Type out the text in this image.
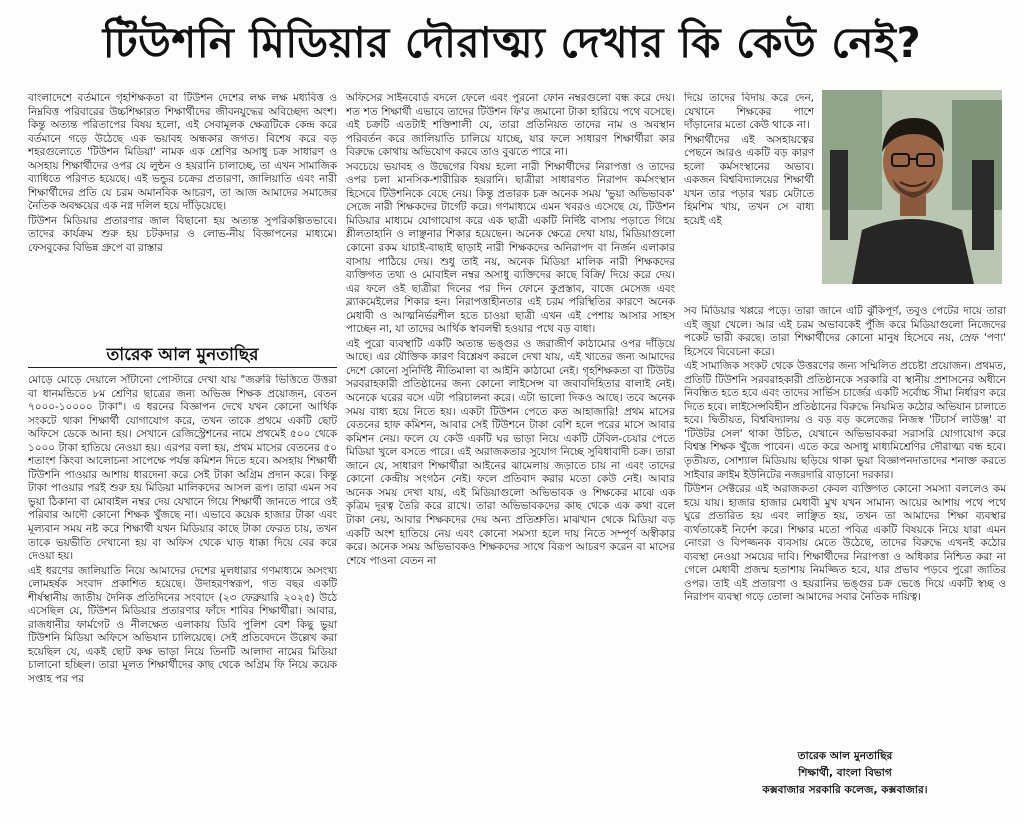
টিউশনি মিডিয়ার দৌরাত্ম্য দেখার কি কেউ নেই?

বাংলাদেশে বর্তমানে গৃহশিক্ষকতা বা টিউশন দেশের লক্ষ লক্ষ মধ্যবিত্ত ও নিম্নবিত্ত পরিবারের উচ্চশিক্ষারত শিক্ষার্থীদের জীবনযুদ্ধের অবিচ্ছেদ্য অংশ। কিন্তু অত্যন্ত পরিতাপের বিষয় হলো, এই সেবামূলক ক্ষেত্রটিকে কেন্দ্র করে বর্তমানে গড়ে উঠেছে এক ভয়াবহ অন্ধকার জগত। বিশেষ করে বড় শহরগুলোতে 'টিউশন মিডিয়া' নামক এক শ্রেণির অসাধু চক্র সাধারণ ও অসহায় শিক্ষার্থীদের ওপর যে লুন্ঠন ও হয়রানি চালাচ্ছে, তা এখন সামাজিক ব্যাধিতে পরিণত হয়েছে। এই ভন্ডুর চক্রের প্রতারণা, জালিয়াতি এবং নারী শিক্ষার্থীদের প্রতি যে চরম অমানবিক আচরণ, তা আজ আমাদের সমাজের নৈতিক অবক্ষয়ের এক নগ্ন দলিল হয়ে দাঁড়িয়েছে।

টিউশন মিডিয়ার প্রতারণার জাল বিছানো হয় অত্যন্ত সুপরিকল্পিতভাবে। তাদের কার্যক্রম শুরু হয় চটকদার ও লোভ-নীয় বিজ্ঞাপনের মাধ্যমে। ফেসবুকের বিভিন্ন গ্রুপে বা রাস্তার

তারেক আল মুনতাছির

মোড়ে মোড়ে দেয়ালে সাঁটানো পোস্টারে দেখা যায় "জরুরি ভিত্তিতে উত্তরা বা ধানমন্ডিতে ৮ম শ্রেণির ছাত্রের জন্য অভিজ্ঞ শিক্ষক প্রয়োজন, বেতন ৭০০০-১০০০০ টাকা"। এ ধরনের বিজ্ঞাপন দেখে যখন কোনো আর্থিক সংকটে থাকা শিক্ষার্থী যোগাযোগ করে, তখন তাকে প্রথমে একটি ছোট অফিসে ডেকে আনা হয়। সেখানে রেজিস্ট্রেশনের নামে প্রথমেই ৫০০ থেকে ১০০০ টাকা হাতিয়ে নেওয়া হয়। এরপর বলা হয়, প্রথম মাসের বেতনের ৫০ শতাংশ কিংবা আলোচনা সাপেক্ষে পর্যন্ত কমিশন দিতে হবে। অসহায় শিক্ষার্থী টিউশনি পাওয়ার আশায় ধারদেনা করে সেই টাকা অগ্রিম প্রদান করে। কিন্তু টাকা পাওয়ার পরই শুরু হয় মিডিয়া মালিকদের আসল রূপ। তারা এমন সব ভুয়া ঠিকানা বা মোবাইল নম্বর দেয় যেখানে গিয়ে শিক্ষার্থী জানতে পারে ওই পরিবার আদৌ কোনো শিক্ষক খুঁজছে না। এভাবে কয়েক হাজার টাকা এবং মূল্যবান সময় নষ্ট করে শিক্ষার্থী যখন মিডিয়ার কাছে টাকা ফেরত চায়, তখন তাকে ভয়ভীতি দেখানো হয় বা অফিস থেকে ঘাড় ধাক্কা দিয়ে বের করে দেওয়া হয়।

এই ধরণের জালিয়াতি নিয়ে আমাদের দেশের মূলধারার গণমাধ্যমে অসংখ্য লোমহর্ষক সংবাদ প্রকাশিত হয়েছে। উদাহরণস্বরূপ, গত বছর একটি শীর্ষস্থানীয় জাতীয় দৈনিক প্রতিদিনের সংবাদে (২৩ ফেব্রুয়ারি ২০২৫) উঠে এসেছিল যে, টিউশন মিডিয়ার প্রতারণার ফাঁদে শাবির শিক্ষার্থীরা। আবার, রাজধানীর ফার্মগেট ও নীলক্ষেত এলাকায় ডিবি পুলিশ বেশ কিছু ভুয়া টিউশনি মিডিয়া অফিসে অভিযান চালিয়েছে। সেই প্রতিবেদনে উল্লেখ করা হয়েছিল যে, একই ছোট কক্ষ ভাড়া নিয়ে তিনটি আলাদা নামের মিডিয়া চালানো হচ্ছিল। তারা মূলত শিক্ষার্থীদের কাছ থেকে অগ্রিম ফি নিয়ে কয়েক সপ্তাহ পর পর

অফিসের সাইনবোর্ড বদলে ফেলে এবং পুরনো ফোন নম্বরগুলো বন্ধ করে দেয়। শত শত শিক্ষার্থী এভাবে তাদের টিউশন ফি'র জমানো টাকা হারিয়ে পথে বসেছে। এই চক্রটি এতটাই শক্তিশালী যে, তারা প্রতিনিয়ত তাদের নাম ও অবস্থান পরিবর্তন করে জালিয়াতি চালিয়ে যাচ্ছে, যার ফলে সাধারণ শিক্ষার্থীরা কার বিরুদ্ধে কোথায় অভিযোগ করবে তাও বুঝতে পারে না।

সবচেয়ে ভয়াবহ ও উদ্বেগের বিষয় হলো নারী শিক্ষার্থীদের নিরাপত্তা ও তাদের ওপর চলা মানসিক-শারীরিক হয়রানি। ছাত্রীরা সাধারণত নিরাপদ কর্মসংস্থান হিসেবে টিউশনিকে বেছে নেয়। কিন্তু প্রতারক চক্র অনেক সময় 'ভুয়া অভিভাবক' সেজে নারী শিক্ষকদের টার্গেট করে। গণমাধ্যমে এমন খবরও এসেছে যে, টিউশন মিডিয়ার মাধ্যমে যোগাযোগ করে এক ছাত্রী একটি নির্দিষ্ট বাসায় পড়াতে গিয়ে শ্লীলতাহানি ও লাঞ্ছনার শিকার হয়েছেন। অনেক ক্ষেত্রে দেখা যায়, মিডিয়াগুলো কোনো রকম যাচাই-বাছাই ছাড়াই নারী শিক্ষকদের অনিরাপদ বা নির্জন এলাকার বাসায় পাঠিয়ে দেয়। শুধু তাই নয়, অনেক মিডিয়া মালিক নারী শিক্ষকদের ব্যক্তিগত তথ্য ও মোবাইল নম্বর অসাধু ব্যক্তিদের কাছে বিক্রি/ দিয়ে করে দেয়। এর ফলে ওই ছাত্রীরা দিনের পর দিন ফোনে কুপ্রস্তাব, বাজে মেসেজ এবং ব্ল্যাকমেইলের শিকার হন। নিরাপত্তাহীনতার এই চরম পরিস্থিতির কারণে অনেক মেধাবী ও আত্মনির্ভরশীল হতে চাওয়া ছাত্রী এখন এই পেশায় আসার সাহস পাচ্ছেন না, যা তাদের আর্থিক স্বাবলম্বী হওয়ার পথে বড় বাধা।

এই পুরো ব্যবস্থাটি একটি অত্যন্ত ভঙ্গুর ও জরাজীর্ণ কাঠামোর ওপর দাঁড়িয়ে আছে। এর যৌক্তিক কারণ বিশ্লেষণ করলে দেখা যায়, এই খাতের জন্য আমাদের দেশে কোনো সুনির্দিষ্ট নীতিমালা বা আইনি কাঠামো নেই। গৃহশিক্ষকতা বা টিউটর সরবরাহকারী প্রতিষ্ঠানের জন্য কোনো লাইসেন্স বা জবাবদিহিতার বালাই নেই। অনেকে ঘরের বসে এটা পরিচালনা করে। এটা ভালো দিকও আছে। তবে অনেক সময় বাধ্য হয়ে নিতে হয়। একটা টিউশন পেতে কত আহাজারি! প্রথম মাসের বেতনের হাফ কমিশন, আবার সেই টিউশনে টাকা বেশি হলে পরের মাসে আবার কমিশন নেয়। ফলে যে কেউ একটি ঘর ভাড়া নিয়ে একটি টেবিল-চেয়ার পেতে মিডিয়া খুলে বসতে পারে। এই অরাজকতার সুযোগ নিচ্ছে সুবিধাবাদী চক্র। তারা জানে যে, সাধারণ শিক্ষার্থীরা আইনের ঝামেলায় জড়াতে চায় না এবং তাদের কোনো কেন্দ্রীয় সংগঠন নেই। ফলে প্রতিবাদ করার মতো কেউ নেই। আবার অনেক সময় দেখা যায়, এই মিডিয়াগুলো অভিভাবক ও শিক্ষকের মাঝে এক কৃত্রিম দূরত্ব তৈরি করে রাখে। তারা অভিভাবকদের কাছ থেকে এক কথা বলে টাকা নেয়, আবার শিক্ষকদের দেয় অন্য প্রতিশ্রুতি। মাঝখান থেকে মিডিয়া বড় একটি অংশ হাতিয়ে নেয় এবং কোনো সমস্যা হলে দায় নিতে সম্পূর্ণ অস্বীকার করে। অনেক সময় অভিভাবকও শিক্ষকদের সাথে বিরূপ আচরণ করেন বা মাসের শেষে পাওনা বেতন না

দিয়ে তাদের বিদায় করে দেন, যেখানে শিক্ষকের পাশে দাঁড়ানোর মতো কেউ থাকে না।

শিক্ষার্থীদের এই অসহায়ত্বের পেছনে আরও একটি বড় কারণ হলো কর্মসংস্থানের অভাব। একজন বিশ্ববিদ্যালয়ের শিক্ষার্থী যখন তার পড়ার খরচ মেটাতে হিমশিম খায়, তখন সে বাধ্য হয়েই এই

সব মিডিয়ার খপ্পরে পড়ে। তারা জানে এটি ঝুঁকিপূর্ণ, তবুও পেটের দায়ে তারা এই জুয়া খেলে। আর এই চরম অভাবকেই পুঁজি করে মিডিয়াগুলো নিজেদের পকেট ভারী করছে। তারা শিক্ষার্থীদের কোনো মানুষ হিসেবে নয়, স্রেফ 'পণ্য' হিসেবে বিবেচনা করে।

এই সামাজিক সংকট থেকে উত্তরণের জন্য সম্মিলিত প্রচেষ্টা প্রয়োজন। প্রথমত, প্রতিটি টিউশনি সরবরাহকারী প্রতিষ্ঠানকে সরকারি বা স্থানীয় প্রশাসনের অধীনে নিবন্ধিত হতে হবে এবং তাদের সার্ভিস চার্জের একটি সর্বোচ্চ সীমা নির্ধারণ করে দিতে হবে। লাইসেন্সবিহীন প্রতিষ্ঠানের বিরুদ্ধে নিয়মিত কঠোর অভিযান চালাতে হবে। দ্বিতীয়ত, বিশ্ববিদ্যালয় ও বড় বড় কলেজের নিজস্ব 'টিচার্স লাউঞ্জ' বা 'টিউটর সেল' থাকা উচিত, যেখানে অভিভাবকরা সরাসরি যোগাযোগ করে বিশ্বস্ত শিক্ষক খুঁজে পাবেন। এতে করে অসাধু মাধ্যমিশ্রেণির দৌরাত্ম্য বন্ধ হবে। তৃতীয়ত, সোশ্যাল মিডিয়ায় ছড়িয়ে থাকা ভুয়া বিজ্ঞাপনদাতাদের শনাক্ত করতে সাইবার ক্রাইম ইউনিটের নজরদারি বাড়ানো দরকার।

টিউশন সেক্টরের এই অরাজকতা কেবল ব্যক্তিগত কোনো সমস্যা বললেও কম হয়ে যায়। হাজার হাজার মেধাবী মুখ যখন সামান্য আয়ের আশায় পথে পথে ঘুরে প্রতারিত হয় এবং লাঞ্ছিত হয়, তখন তা আমাদের শিক্ষা ব্যবস্থার ব্যর্থতাকেই নির্দেশ করে। শিক্ষার মতো পবিত্র একটি বিষয়কে নিয়ে যারা এমন নোংরা ও বিপজ্জনক ব্যবসায় মেতে উঠেছে, তাদের বিরুদ্ধে এখনই কঠোর ব্যবস্থা নেওয়া সময়ের দাবি। শিক্ষার্থীদের নিরাপত্তা ও অধিকার নিশ্চিত করা না গেলে মেধাবী প্রজন্ম হতাশায় নিমজ্জিত হবে, যার প্রভাব পড়বে পুরো জাতির ওপর। তাই এই প্রতারণা ও হয়রানির ভঙ্গুর চক্র ভেঙে দিয়ে একটি স্বচ্ছ ও নিরাপদ ব্যবস্থা গড়ে তোলা আমাদের সবার নৈতিক দায়িত্ব।

তারেক আল মুনতাছির
শিক্ষার্থী, বাংলা বিভাগ
কক্সবাজার সরকারি কলেজ, কক্সবাজার।
